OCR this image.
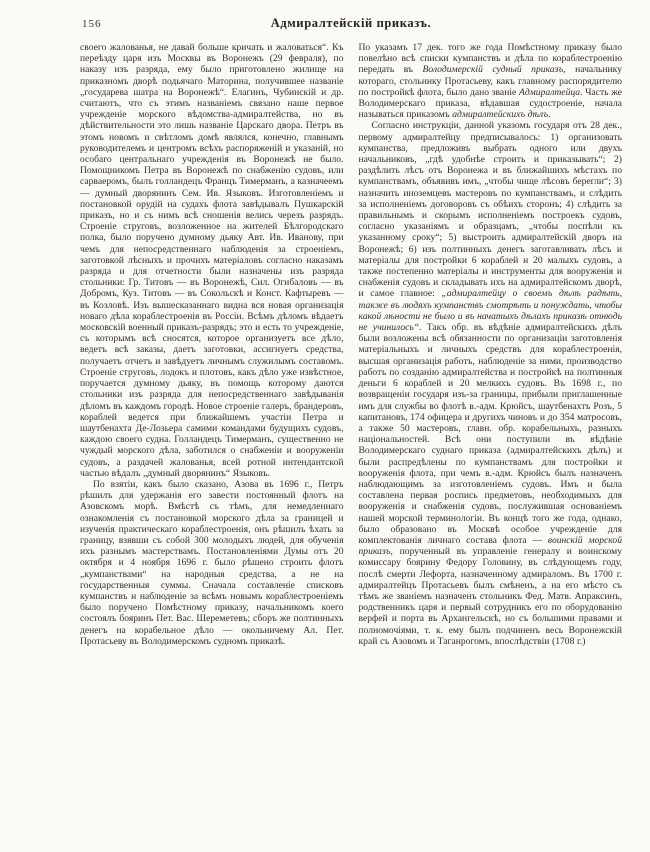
156	Адмиралтейскій приказъ.

своего жалованья, не давай больше кричать и жаловаться“. Къ переѣзду царя изъ Москвы въ Воронежъ (29 февраля), по наказу изъ разряда, ему было приготовлено жилище на приказномъ дворѣ подьячаго Маторина, получившее названіе „государева шатра на Воронежѣ“. Елагинъ, Чубинскій и др. считаютъ, что съ этимъ названіемъ связано наше первое учрежденіе морского вѣдомства-адмиралтейства, но въ дѣйствительности это лишь названіе Царскаго двора. Петръ въ этомъ новомъ и свѣтломъ домѣ являлся, конечно, главнымъ руководителемъ и центромъ всѣхъ распоряженій и указаній, но особаго центральнаго учрежденія въ Воронежѣ не было. Помощникомъ Петра въ Воронежѣ по снабженію судовъ, или сарваеромъ, былъ голландецъ Францъ Тимерманъ, а казначеемъ — думный дворянинъ Сем. Ив. Языковъ. Изготовленіемъ и постановкой орудій на судахъ флота завѣдывалъ Пушкарскій приказъ, но и съ нимъ всѣ сношенія велись черезъ разрядъ. Строеніе струговъ, возложенное на жителей Бѣлгородскаго полка, было поручено думному дьяку Авт. Ив. Иванову, при чемъ для непосредственнаго наблюденія за строеніемъ, заготовкой лѣсныхъ и прочихъ матеріаловъ согласно наказамъ разряда и для отчетности были назначены изъ разряда стольники: Гр. Титовъ — въ Воронежѣ, Сил. Огибаловъ — въ Добромъ, Куз. Титовъ — въ Сокольскѣ и Конст. Кафтыревъ — въ Козловѣ. Изъ вышесказаннаго видна вся новая организація новаго дѣла кораблестроенія въ Россіи. Всѣмъ дѣломъ вѣдаетъ московскій военный приказъ-разрядъ; это и есть то учрежденіе, съ которымъ всѣ сносятся, которое организуетъ все дѣло, ведетъ всѣ заказы, даетъ заготовки, ассигнуетъ средства, получаетъ отчетъ и завѣдуетъ личнымъ служилымъ составомъ. Строеніе струговъ, лодокъ и плотовъ, какъ дѣло уже извѣстное, поручается думному дьяку, въ помощь которому даются стольники изъ разряда для непосредственнаго завѣдыванія дѣломъ въ каждомъ городѣ. Новое строеніе галеръ, брандеровъ, кораблей ведется при ближайшемъ участіи Петра и шаутбенахта Де-Лозьера самими командами будущихъ судовъ, каждою своего судна. Голландецъ Тимерманъ, существенно не чуждый морского дѣла, заботился о снабженіи и вооруженіи судовъ, а раздачей жалованья, всей ротной интендантской частью вѣдалъ „думный дворянинъ“ Языковъ.

По взятіи, какъ было сказано, Азова въ 1696 г., Петръ рѣшилъ для удержанія его завести постоянный флотъ на Азовскомъ морѣ. Вмѣстѣ съ тѣмъ, для немедленнаго ознакомленія съ постановкой морского дѣла за границей и изученія практическаго кораблестроенія, онъ рѣшилъ ѣхать за границу, взявши съ собой 300 молодыхъ людей, для обученія ихъ разнымъ мастерствамъ. Постановленіями Думы отъ 20 октября и 4 ноября 1696 г. было рѣшено строить флотъ „кумпанствами“ на народныя средства, а не на государственныя суммы. Сначала составленіе списковъ кумпанствъ и наблюденіе за всѣмъ новымъ кораблестроеніемъ было поручено Помѣстному приказу, начальникомъ коего состоялъ бояринъ Пет. Вас. Шереметевъ; сборъ же полтинныхъ денегъ на корабельное дѣло — окольничему Ал. Пет. Протасьеву въ Володимерскомъ судномъ приказѣ.

По указамъ 17 дек. того же года Помѣстному приказу было повелѣно всѣ списки кумпанствъ и дѣла по кораблестроенію передать въ Володимерскій судный приказъ, начальнику котораго, стольнику Протасьеву, какъ главному распорядителю по постройкѣ флота, было дано званіе Адмиралтейца. Часть же Володимерскаго приказа, вѣдавшая судостроеніе, начала называться приказомъ адмиралтейскихъ дѣлъ.

Согласно инструкціи, данной указомъ государя отъ 28 дек., первому адмиралтейцу предписывалось: 1) организовать кумпанства, предложивъ выбрать одного или двухъ начальниковъ, „гдѣ удобнѣе строить и приказывать“; 2) раздѣлить лѣсъ отъ Воронежа и въ ближайшихъ мѣстахъ по кумпанствамъ, объявивъ имъ, „чтобы чище лѣсовъ берегли“; 3) назначить иноземцевъ мастеровъ по кумпанствамъ, и слѣдить за исполненіемъ договоровъ съ обѣихъ сторонъ; 4) слѣдить за правильнымъ и скорымъ исполненіемъ построекъ судовъ, согласно указаніямъ и образцамъ, „чтобы поспѣли къ указанному сроку“; 5) выстроить адмиралтейскій дворъ на Воронежѣ; 6) изъ полтинныхъ денегъ заготавливать лѣсъ и матеріалы для постройки 6 кораблей и 20 малыхъ судовъ, а также постепенно матеріалы и инструменты для вооруженія и снабженія судовъ и складывать ихъ на адмиралтейскомъ дворѣ, и самое главное: „адмиралтейцу о своемъ дѣлѣ радѣть, также въ людяхъ кумпанствъ смотрѣть и понуждать, чтобы какой лѣности не было и въ начатыхъ дѣлахъ приказѣ отнюдь не учинилось“. Такъ обр. въ вѣдѣніе адмиралтейскихъ дѣлъ были возложены всѣ обязанности по организаціи заготовленія матеріальныхъ и личныхъ средствъ для кораблестроенія, высшая организація работъ, наблюденіе за ними, производство работъ по созданію адмиралтейства и постройкѣ на полтинныя деньги 6 кораблей и 20 мелкихъ судовъ. Въ 1698 г., по возвращеніи государя изъ-за границы, прибыли приглашенные имъ для службы во флотѣ в.-адм. Крюйсъ, шаутбенахтъ Розъ, 5 капитановъ, 174 офицера и другихъ чиновъ и до 354 матросовъ, а также 50 мастеровъ, главн. обр. корабельныхъ, разныхъ національностей. Всѣ они поступили въ вѣдѣніе Володимерскаго суднаго приказа (адмиралтейскихъ дѣлъ) и были распредѣлены по кумпанствамъ для постройки и вооруженія флота, при чемъ в.-адм. Крюйсъ былъ назначенъ наблюдающимъ за изготовленіемъ судовъ. Имъ и была составлена первая роспись предметовъ, необходимыхъ для вооруженія и снабженія судовъ, послужившая основаніемъ нашей морской терминологіи. Въ концѣ того же года, однако, было образовано въ Москвѣ особое учрежденіе для комплектованія личнаго состава флота — воинскій морской приказъ, порученный въ управленіе генералу и воинскому комиссару боярину Федору Головину, въ слѣдующемъ году, послѣ смерти Лефорта, назначенному адмираломъ. Въ 1700 г. адмиралтейцъ Протасьевъ былъ смѣненъ, а на его мѣсто съ тѣмъ же званіемъ назначенъ стольникъ Фед. Матв. Апраксинъ, родственникъ царя и первый сотрудникъ его по оборудованію верфей и порта въ Архангельскѣ, но съ большими правами и полномочіями, т. к. ему былъ подчиненъ весь Воронежскій край съ Азовомъ и Таганрогомъ, впослѣдствіи (1708 г.)
